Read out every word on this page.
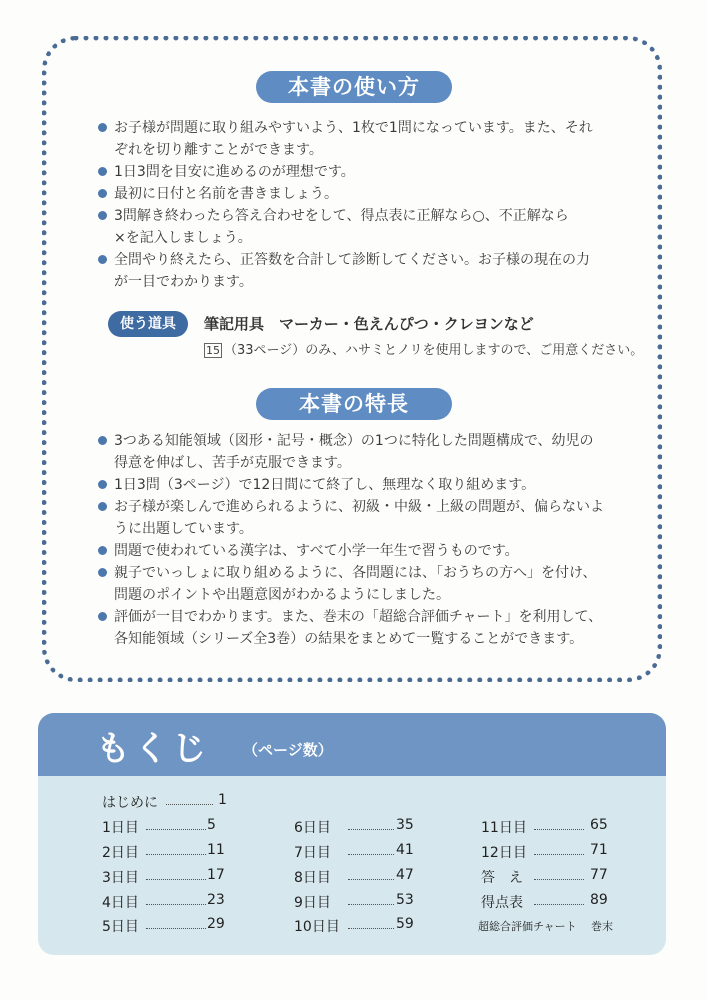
本書の使い方
お子様が問題に取り組みやすいよう、1枚で1問になっています。また、それ
ぞれを切り離すことができます。
1日3問を目安に進めるのが理想です。
最初に日付と名前を書きましょう。
3問解き終わったら答え合わせをして、得点表に正解なら○、不正解なら
×を記入しましょう。
全問やり終えたら、正答数を合計して診断してください。お子様の現在の力
が一目でわかります。
使う道具	筆記用具　マーカー・色えんぴつ・クレヨンなど
15 （33ページ）のみ、ハサミとノリを使用しますので、ご用意ください。
本書の特長
3つある知能領域（図形・記号・概念）の1つに特化した問題構成で、幼児の
得意を伸ばし、苦手が克服できます。
1日3問（3ページ）で12日間にて終了し、無理なく取り組めます。
お子様が楽しんで進められるように、初級・中級・上級の問題が、偏らないよ
うに出題しています。
問題で使われている漢字は、すべて小学一年生で習うものです。
親子でいっしょに取り組めるように、各問題には、「おうちの方へ」を付け、
問題のポイントや出題意図がわかるようにしました。
評価が一目でわかります。また、巻末の「超総合評価チャート」を利用して、
各知能領域（シリーズ全3巻）の結果をまとめて一覧することができます。
もくじ （ページ数）
はじめに	1
1日目	5
2日目	11
3日目	17
4日目	23
5日目	29
6日目	35
7日目	41
8日目	47
9日目	53
10日目	59
11日目	65
12日目	71
答　え	77
得点表	89
超総合評価チャート 巻末
